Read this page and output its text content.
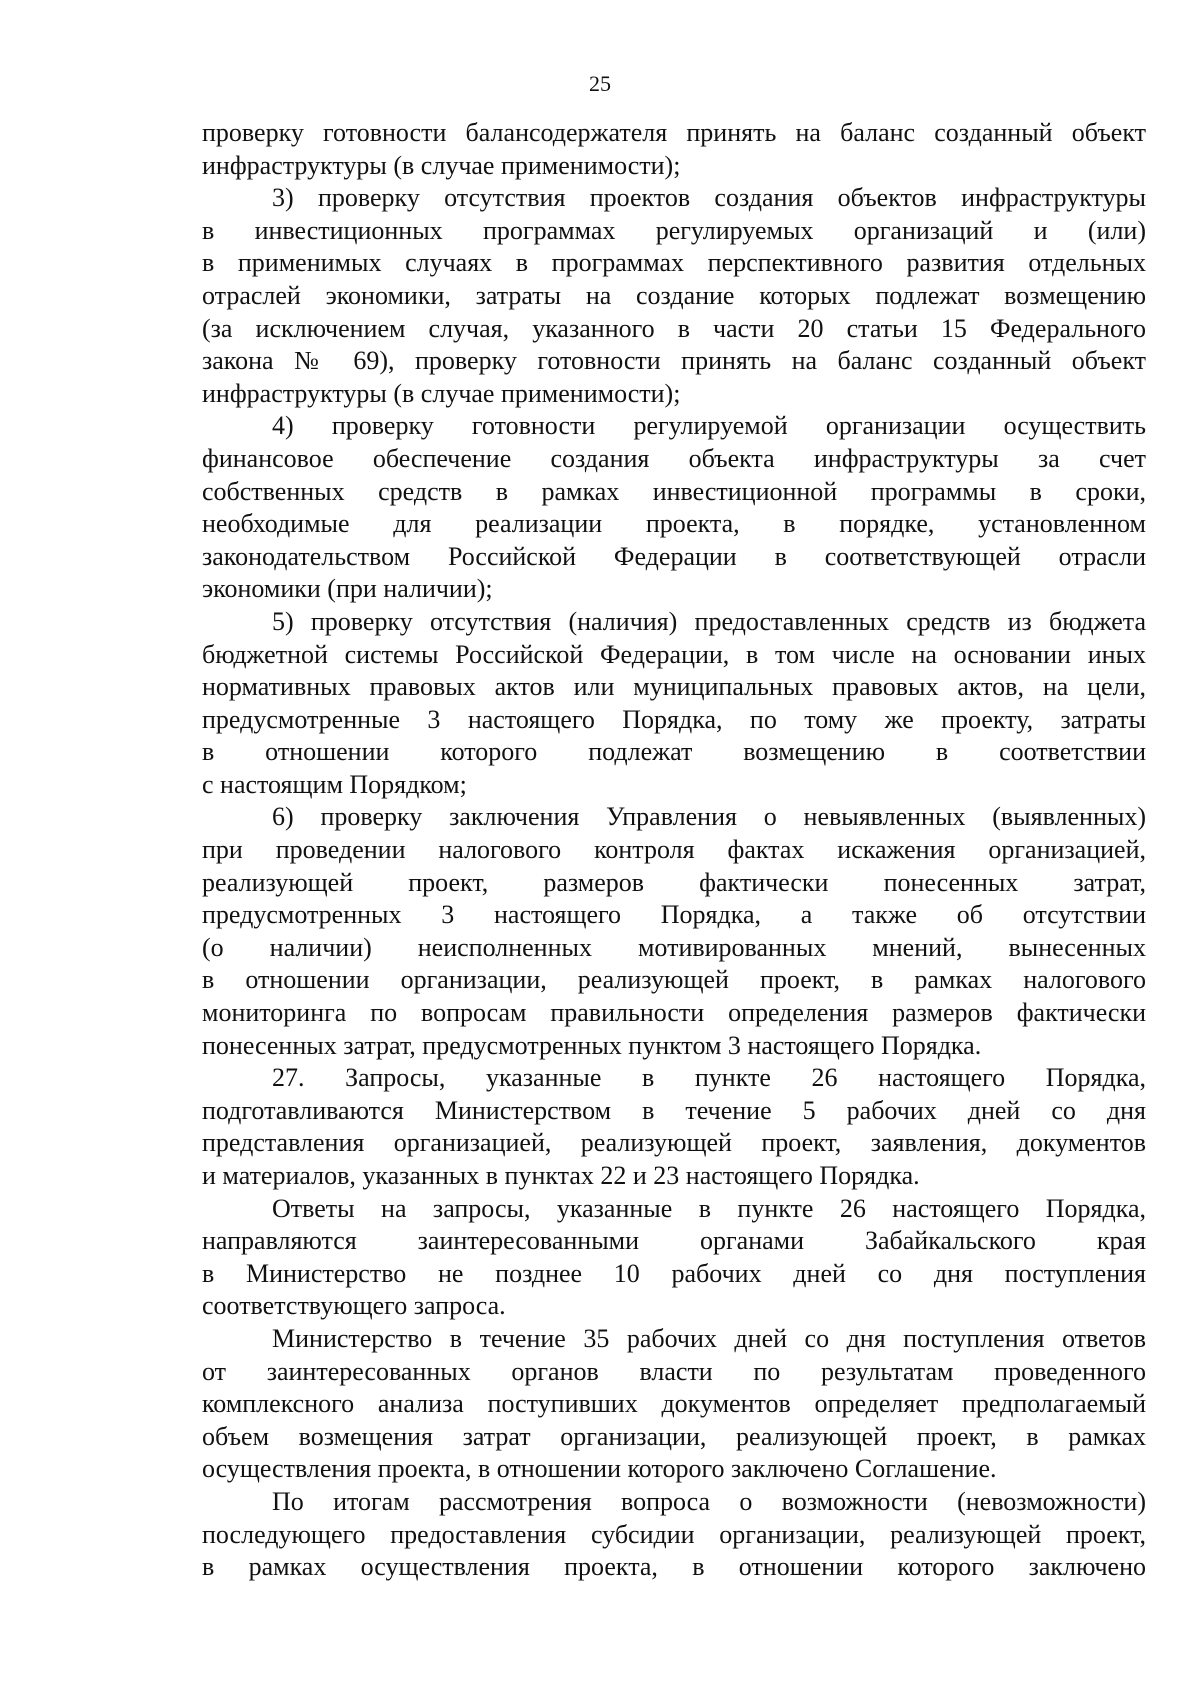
25
проверку готовности балансодержателя принять на баланс созданный объект
инфраструктуры (в случае применимости);
3) проверку отсутствия проектов создания объектов инфраструктуры
в инвестиционных программах регулируемых организаций и (или)
в применимых случаях в программах перспективного развития отдельных
отраслей экономики, затраты на создание которых подлежат возмещению
(за исключением случая, указанного в части 20 статьи 15 Федерального
закона № 69), проверку готовности принять на баланс созданный объект
инфраструктуры (в случае применимости);
4) проверку готовности регулируемой организации осуществить
финансовое обеспечение создания объекта инфраструктуры за счет
собственных средств в рамках инвестиционной программы в сроки,
необходимые для реализации проекта, в порядке, установленном
законодательством Российской Федерации в соответствующей отрасли
экономики (при наличии);
5) проверку отсутствия (наличия) предоставленных средств из бюджета
бюджетной системы Российской Федерации, в том числе на основании иных
нормативных правовых актов или муниципальных правовых актов, на цели,
предусмотренные 3 настоящего Порядка, по тому же проекту, затраты
в отношении которого подлежат возмещению в соответствии
с настоящим Порядком;
6) проверку заключения Управления о невыявленных (выявленных)
при проведении налогового контроля фактах искажения организацией,
реализующей проект, размеров фактически понесенных затрат,
предусмотренных 3 настоящего Порядка, а также об отсутствии
(о наличии) неисполненных мотивированных мнений, вынесенных
в отношении организации, реализующей проект, в рамках налогового
мониторинга по вопросам правильности определения размеров фактически
понесенных затрат, предусмотренных пунктом 3 настоящего Порядка.
27. Запросы, указанные в пункте 26 настоящего Порядка,
подготавливаются Министерством в течение 5 рабочих дней со дня
представления организацией, реализующей проект, заявления, документов
и материалов, указанных в пунктах 22 и 23 настоящего Порядка.
Ответы на запросы, указанные в пункте 26 настоящего Порядка,
направляются заинтересованными органами Забайкальского края
в Министерство не позднее 10 рабочих дней со дня поступления
соответствующего запроса.
Министерство в течение 35 рабочих дней со дня поступления ответов
от заинтересованных органов власти по результатам проведенного
комплексного анализа поступивших документов определяет предполагаемый
объем возмещения затрат организации, реализующей проект, в рамках
осуществления проекта, в отношении которого заключено Соглашение.
По итогам рассмотрения вопроса о возможности (невозможности)
последующего предоставления субсидии организации, реализующей проект,
в рамках осуществления проекта, в отношении которого заключено
